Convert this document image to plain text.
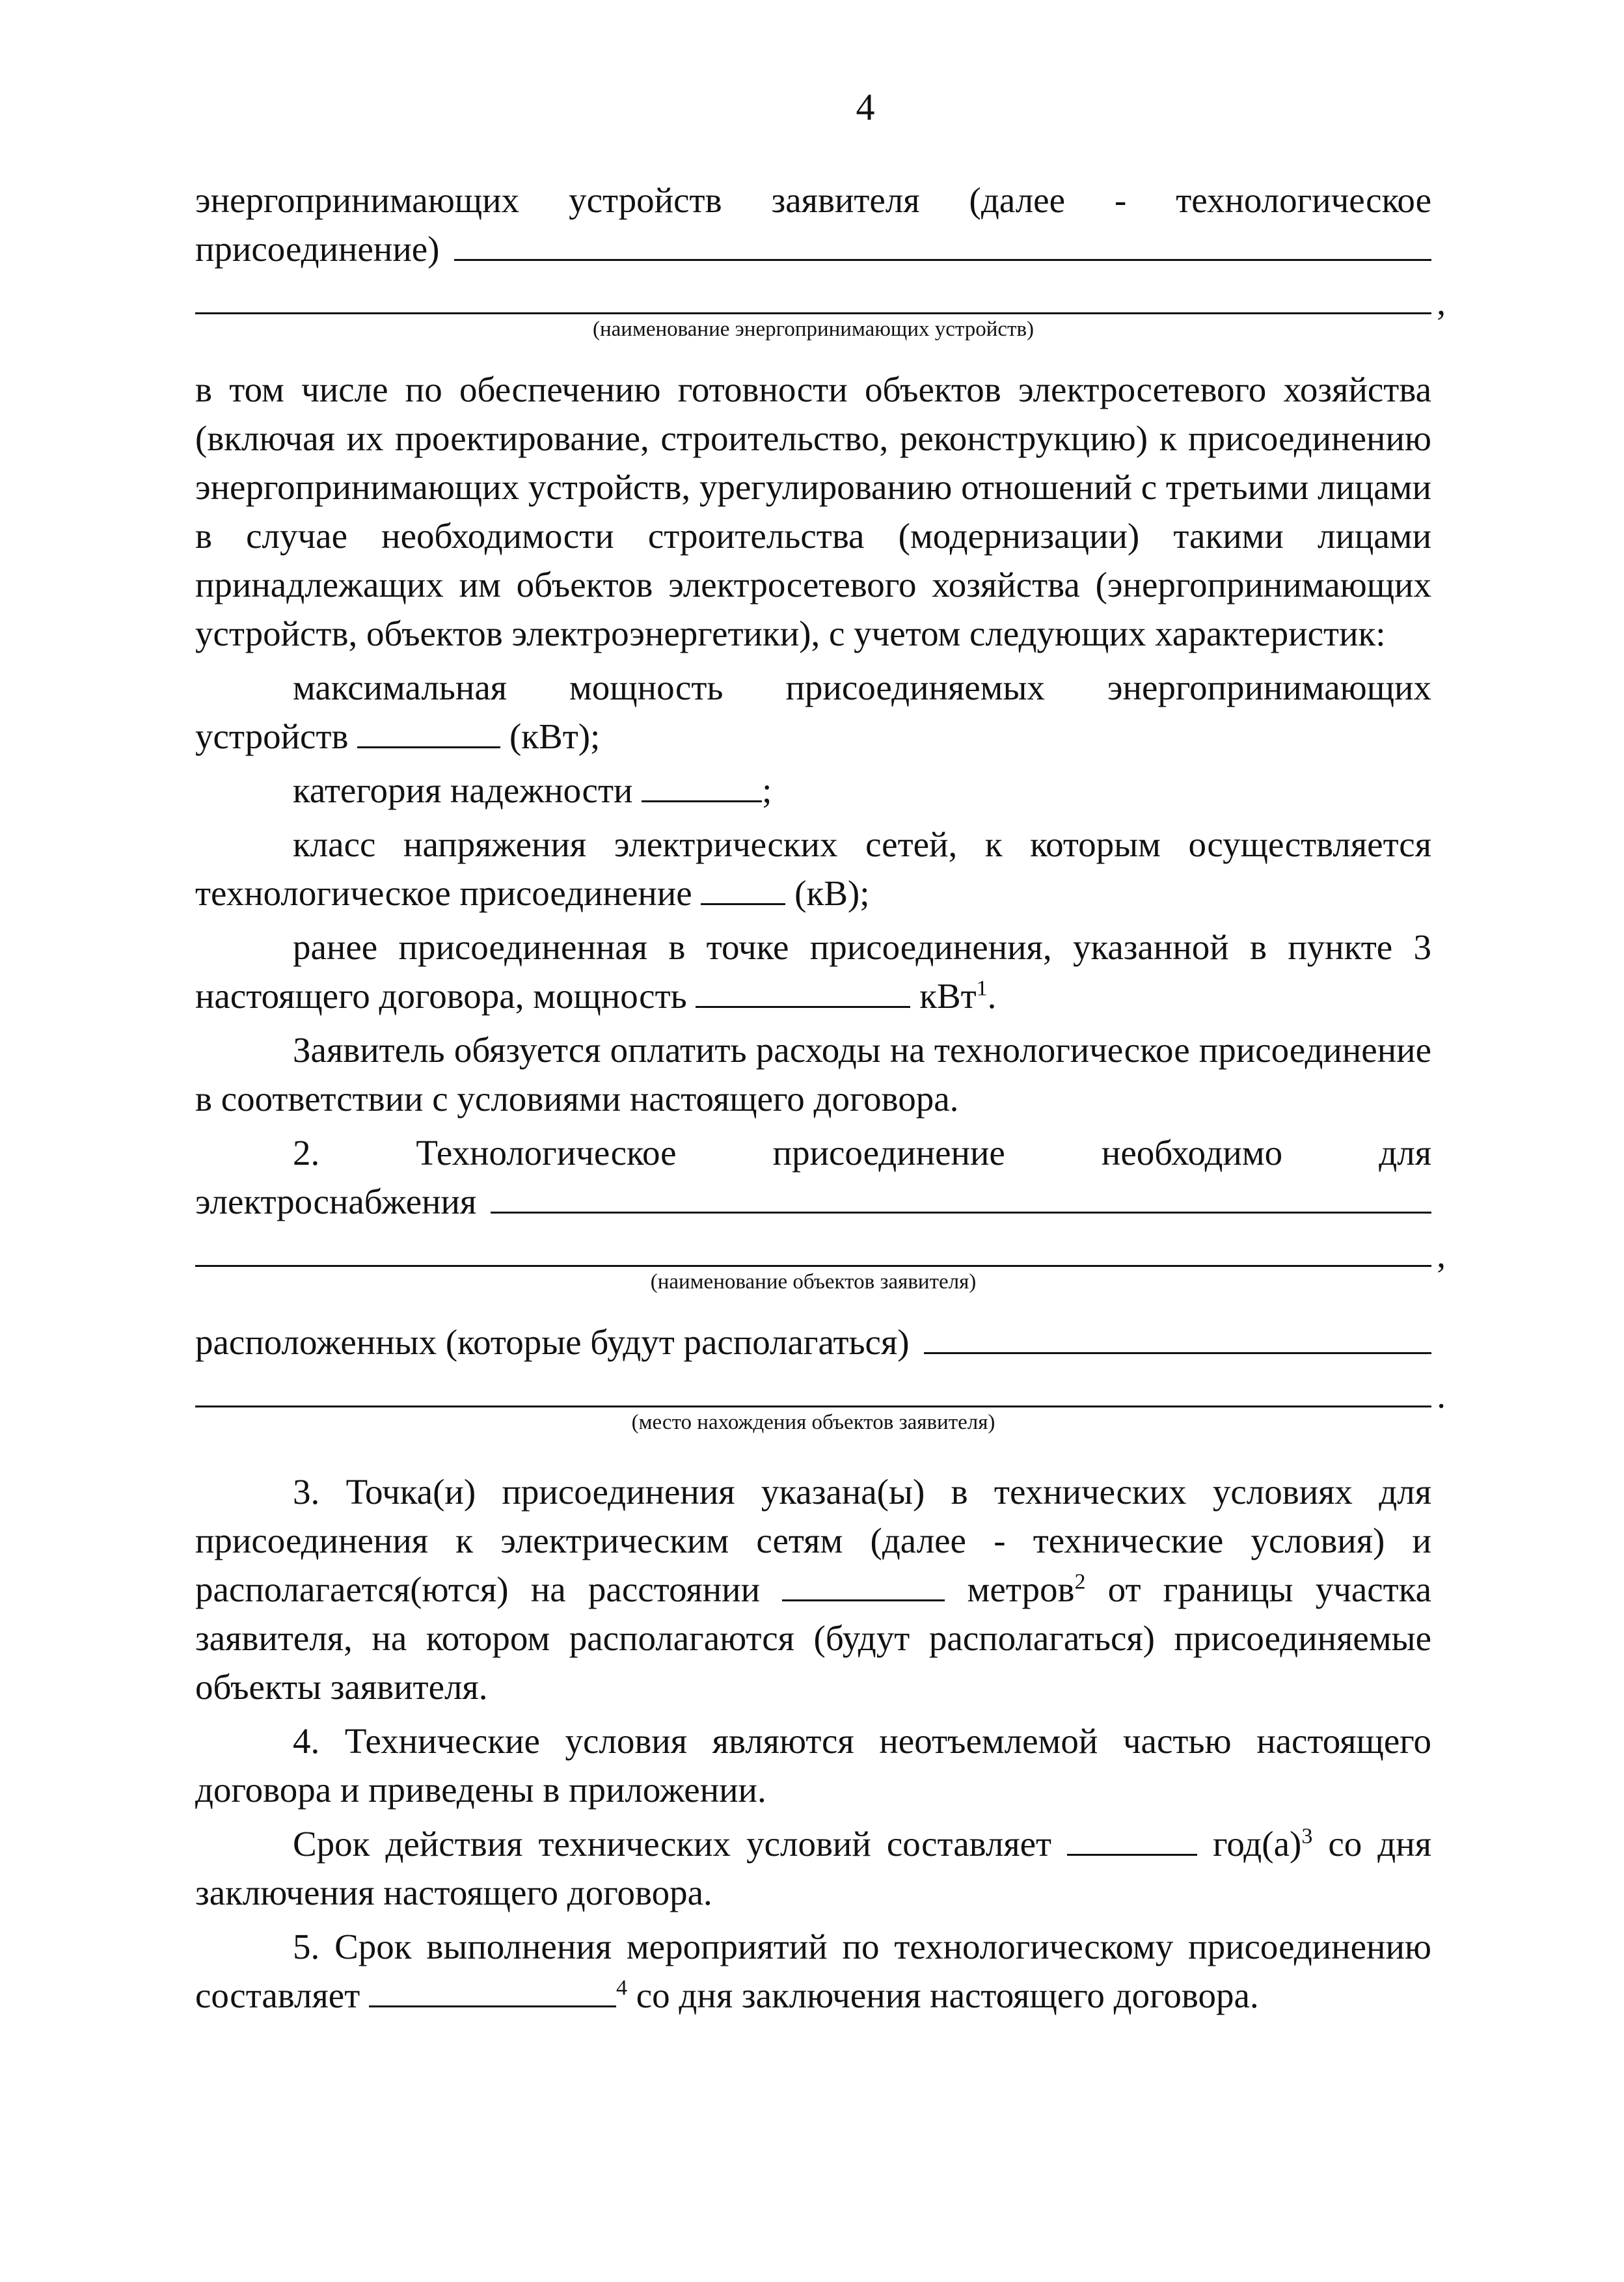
4

энергопринимающих устройств заявителя (далее - технологическое

присоединение)
,
(наименование энергопринимающих устройств)

в том числе по обеспечению готовности объектов электросетевого хозяйства (включая их проектирование, строительство, реконструкцию) к присоединению энергопринимающих устройств, урегулированию отношений с третьими лицами в случае необходимости строительства (модернизации) такими лицами принадлежащих им объектов электросетевого хозяйства (энергопринимающих устройств, объектов электроэнергетики), с учетом следующих характеристик:

максимальная мощность присоединяемых энергопринимающих устройств	(кВт);

категория надежности	;

класс напряжения электрических сетей, к которым осуществляется технологическое присоединение	(кВ);

ранее присоединенная в точке присоединения, указанной в пункте 3 настоящего договора, мощность	кВт$^1$.

Заявитель обязуется оплатить расходы на технологическое присоединение в соответствии с условиями настоящего договора.

2. Технологическое присоединение необходимо для

электроснабжения
,
(наименование объектов заявителя)
расположенных (которые будут располагаться)
.
(место нахождения объектов заявителя)

3. Точка(и) присоединения указана(ы) в технических условиях для присоединения к электрическим сетям (далее - технические условия) и располагается(ются) на расстоянии	метров$^2$ от границы участка заявителя, на котором располагаются (будут располагаться) присоединяемые объекты заявителя.

4. Технические условия являются неотъемлемой частью настоящего договора и приведены в приложении.

Срок действия технических условий составляет	$год(а)^3$ со дня заключения настоящего договора.

5. Срок выполнения мероприятий по технологическому присоединению составляет	$^4$ со дня заключения настоящего договора.
